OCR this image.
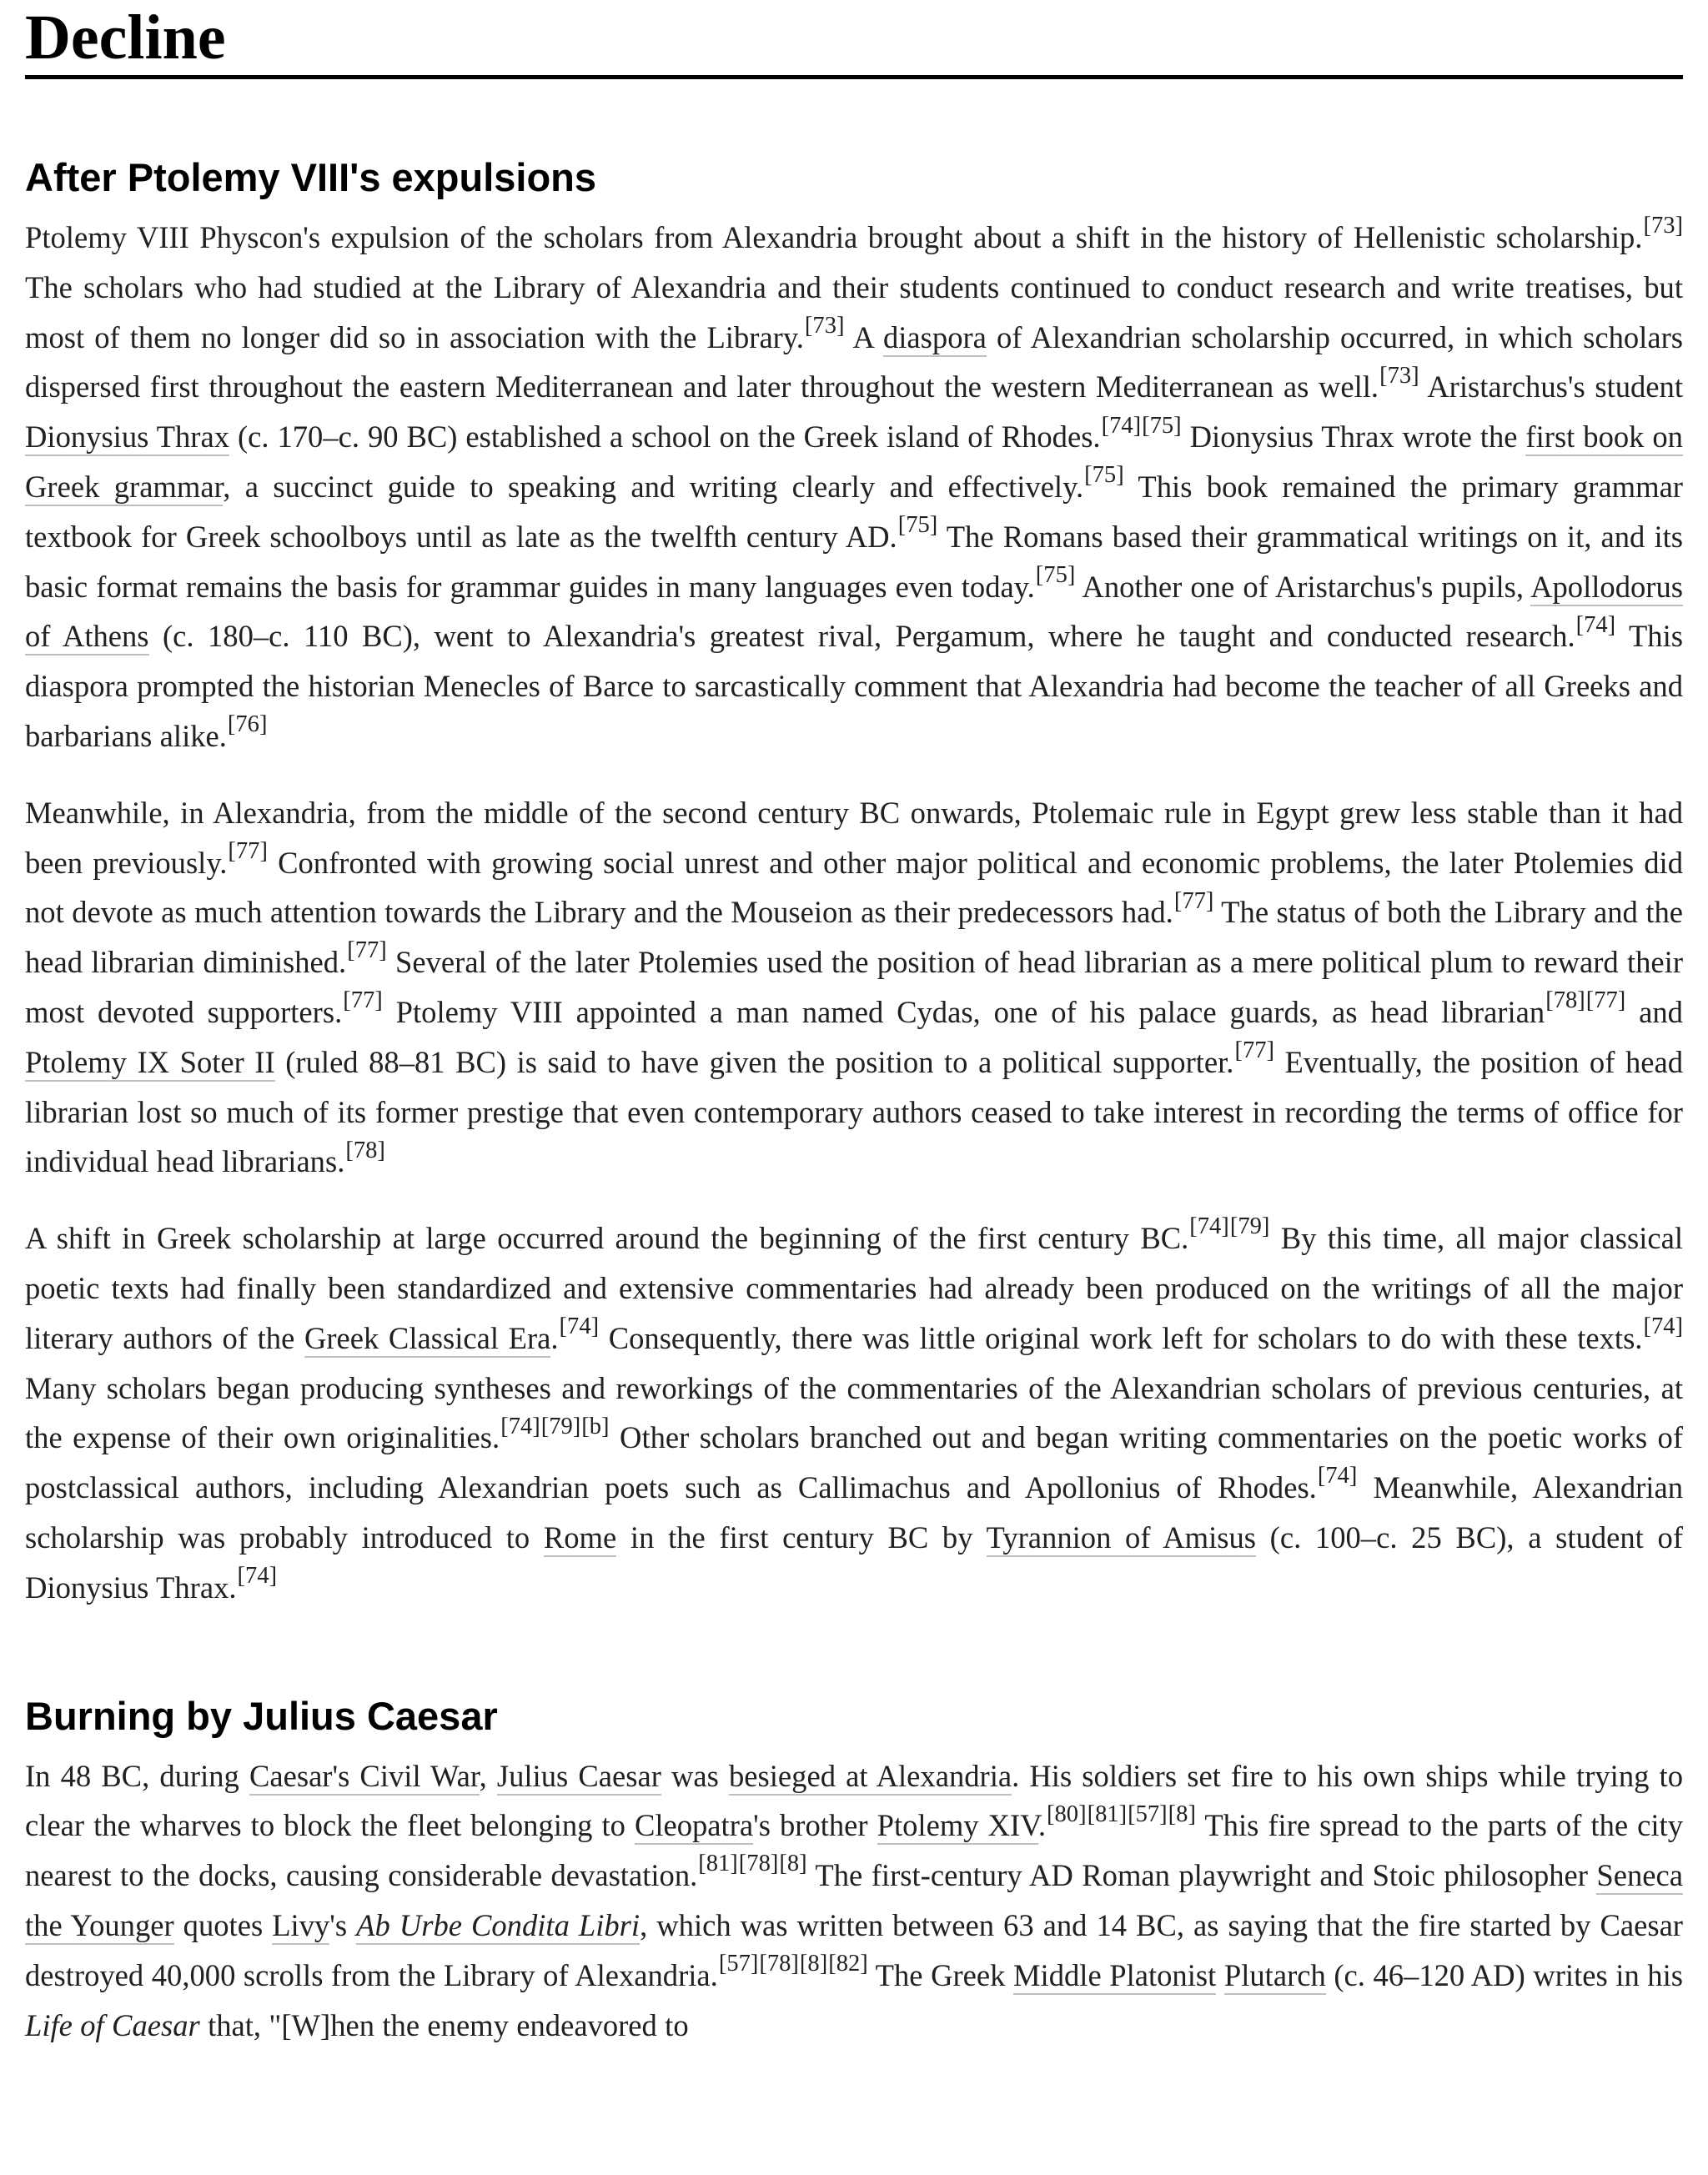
Decline
After Ptolemy VIII's expulsions

Ptolemy VIII Physcon's expulsion of the scholars from Alexandria brought about a shift in the history of Hellenistic scholarship.[73] The scholars who had studied at the Library of Alexandria and their students continued to conduct research and write treatises, but most of them no longer did so in association with the Library.[73] A diaspora of Alexandrian scholarship occurred, in which scholars dispersed first throughout the eastern Mediterranean and later throughout the western Mediterranean as well.[73] Aristarchus's student Dionysius Thrax (c. 170–c. 90 BC) established a school on the Greek island of Rhodes.[74][75] Dionysius Thrax wrote the first book on Greek grammar, a succinct guide to speaking and writing clearly and effectively.[75] This book remained the primary grammar textbook for Greek schoolboys until as late as the twelfth century AD.[75] The Romans based their grammatical writings on it, and its basic format remains the basis for grammar guides in many languages even today.[75] Another one of Aristarchus's pupils, Apollodorus of Athens (c. 180–c. 110 BC), went to Alexandria's greatest rival, Pergamum, where he taught and conducted research.[74] This diaspora prompted the historian Menecles of Barce to sarcastically comment that Alexandria had become the teacher of all Greeks and barbarians alike.[76]

Meanwhile, in Alexandria, from the middle of the second century BC onwards, Ptolemaic rule in Egypt grew less stable than it had been previously.[77] Confronted with growing social unrest and other major political and economic problems, the later Ptolemies did not devote as much attention towards the Library and the Mouseion as their predecessors had.[77] The status of both the Library and the head librarian diminished.[77] Several of the later Ptolemies used the position of head librarian as a mere political plum to reward their most devoted supporters.[77] Ptolemy VIII appointed a man named Cydas, one of his palace guards, as head librarian[78][77] and Ptolemy IX Soter II (ruled 88–81 BC) is said to have given the position to a political supporter.[77] Eventually, the position of head librarian lost so much of its former prestige that even contemporary authors ceased to take interest in recording the terms of office for individual head librarians.[78]

A shift in Greek scholarship at large occurred around the beginning of the first century BC.[74][79] By this time, all major classical poetic texts had finally been standardized and extensive commentaries had already been produced on the writings of all the major literary authors of the Greek Classical Era.[74] Consequently, there was little original work left for scholars to do with these texts.[74] Many scholars began producing syntheses and reworkings of the commentaries of the Alexandrian scholars of previous centuries, at the expense of their own originalities.[74][79][b] Other scholars branched out and began writing commentaries on the poetic works of postclassical authors, including Alexandrian poets such as Callimachus and Apollonius of Rhodes.[74] Meanwhile, Alexandrian scholarship was probably introduced to Rome in the first century BC by Tyrannion of Amisus (c. 100–c. 25 BC), a student of Dionysius Thrax.[74]

Burning by Julius Caesar

In 48 BC, during Caesar's Civil War, Julius Caesar was besieged at Alexandria. His soldiers set fire to his own ships while trying to clear the wharves to block the fleet belonging to Cleopatra's brother Ptolemy XIV.[80][81][57][8] This fire spread to the parts of the city nearest to the docks, causing considerable devastation.[81][78][8] The first-century AD Roman playwright and Stoic philosopher Seneca the Younger quotes Livy's Ab Urbe Condita Libri, which was written between 63 and 14 BC, as saying that the fire started by Caesar destroyed 40,000 scrolls from the Library of Alexandria.[57][78][8][82] The Greek Middle Platonist Plutarch (c. 46–120 AD) writes in his Life of Caesar that, "[W]hen the enemy endeavored to
